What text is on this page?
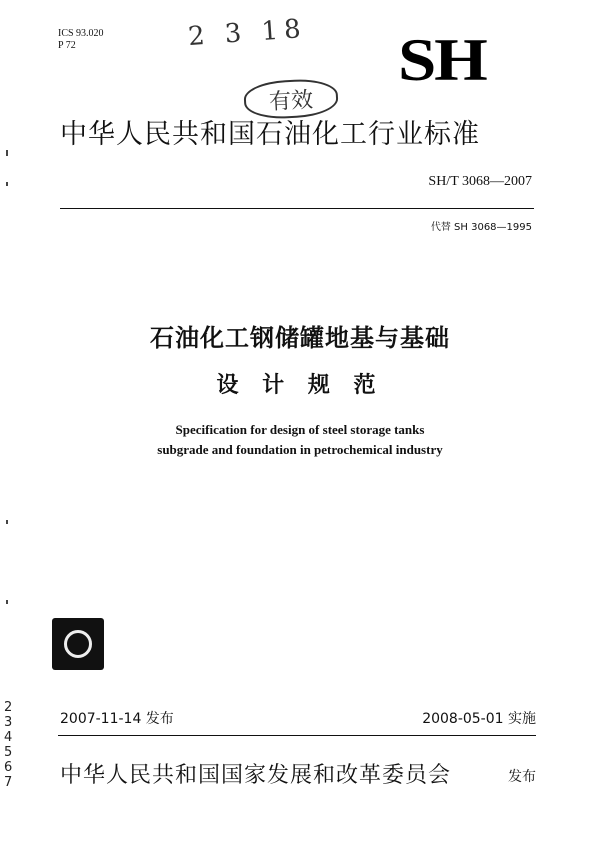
ICS 93.020
P 72	2 3 18
有效
SH
中华人民共和国石油化工行业标准
SH/T 3068—2007
代替 SH 3068—1995
石油化工钢储罐地基与基础
设 计 规 范
Specification for design of steel storage tanks
subgrade and foundation in petrochemical industry
2007-11-14 发布	2008-05-01 实施
中华人民共和国国家发展和改革委员会	发布
2 3 4 5 6 7
